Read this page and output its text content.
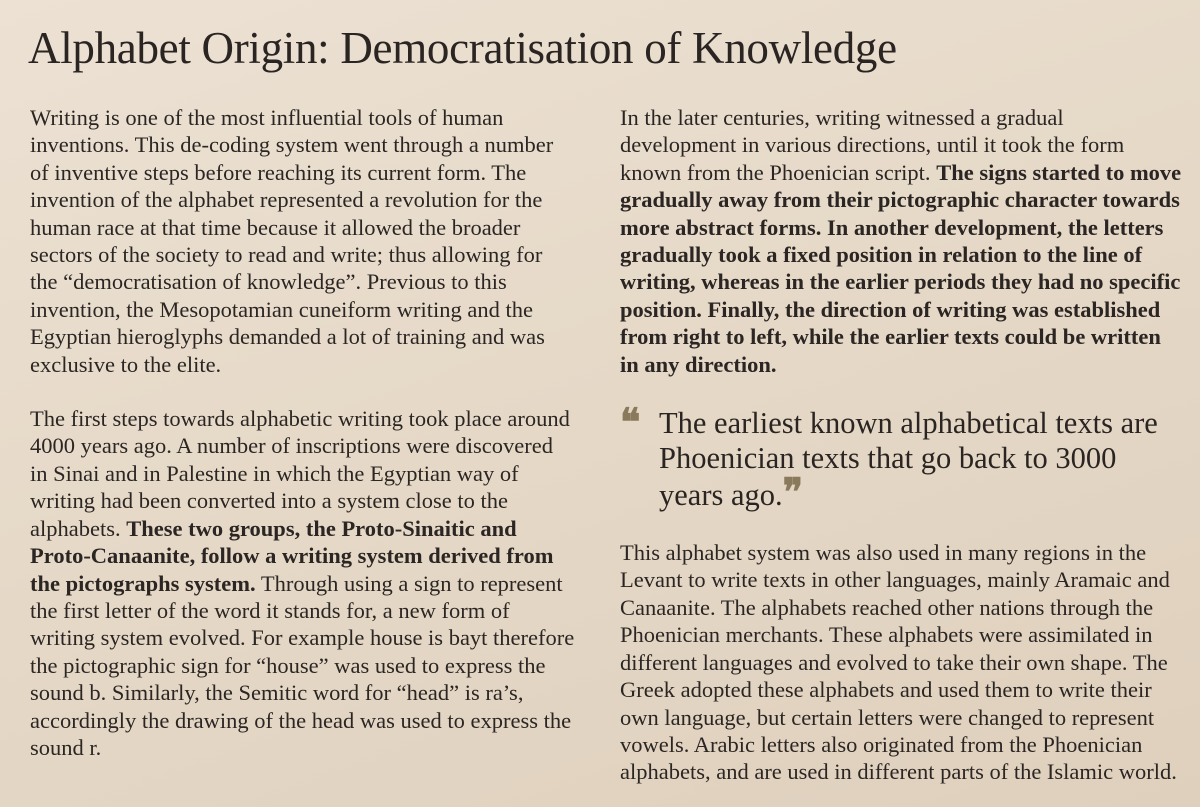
Alphabet Origin: Democratisation of Knowledge

Writing is one of the most influential tools of human inventions. This de-coding system went through a number of inventive steps before reaching its current form. The invention of the alphabet represented a revolution for the human race at that time because it allowed the broader sectors of the society to read and write; thus allowing for the “democratisation of knowledge”. Previous to this invention, the Mesopotamian cuneiform writing and the Egyptian hieroglyphs demanded a lot of training and was exclusive to the elite.

The first steps towards alphabetic writing took place around 4000 years ago. A number of inscriptions were discovered in Sinai and in Palestine in which the Egyptian way of writing had been converted into a system close to the alphabets. These two groups, the Proto-Sinaitic and Proto-Canaanite, follow a writing system derived from the pictographs system. Through using a sign to represent the first letter of the word it stands for, a new form of writing system evolved. For example house is bayt therefore the pictographic sign for “house” was used to express the sound b. Similarly, the Semitic word for “head” is ra’s, accordingly the drawing of the head was used to express the sound r.

In the later centuries, writing witnessed a gradual development in various directions, until it took the form known from the Phoenician script. The signs started to move gradually away from their pictographic character towards more abstract forms. In another development, the letters gradually took a fixed position in relation to the line of writing, whereas in the earlier periods they had no specific position. Finally, the direction of writing was established from right to left, while the earlier texts could be written in any direction.

❝ The earliest known alphabetical texts are Phoenician texts that go back to 3000 years ago.❞

This alphabet system was also used in many regions in the Levant to write texts in other languages, mainly Aramaic and Canaanite. The alphabets reached other nations through the Phoenician merchants. These alphabets were assimilated in different languages and evolved to take their own shape. The Greek adopted these alphabets and used them to write their own language, but certain letters were changed to represent vowels. Arabic letters also originated from the Phoenician alphabets, and are used in different parts of the Islamic world.
